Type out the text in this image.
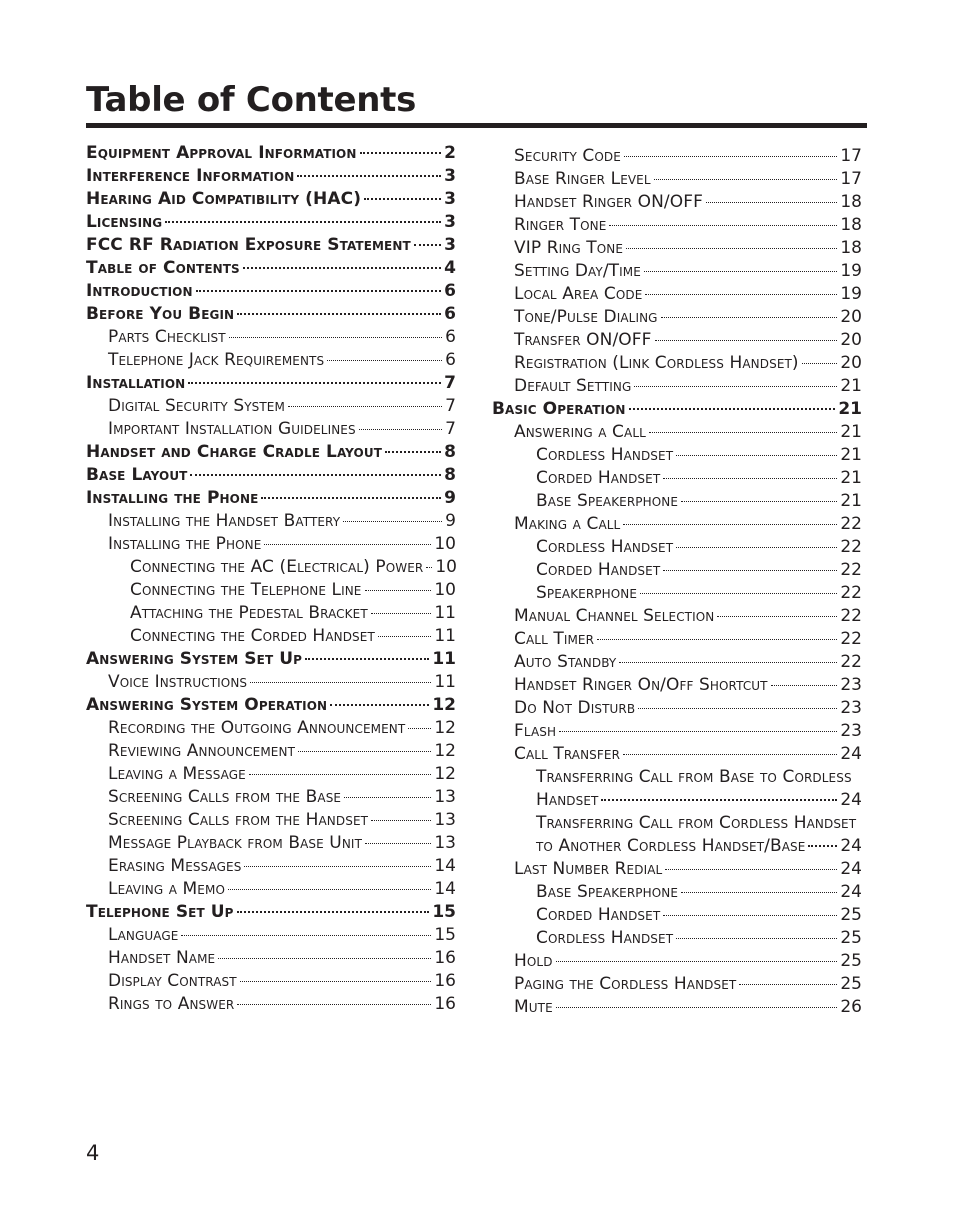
Table of Contents
Equipment Approval Information	2
Interference Information	3
Hearing Aid Compatibility (HAC)	3
Licensing	3
FCC RF Radiation Exposure Statement 3
Table of Contents	4
Introduction	6
Before You Begin	6
Parts Checklist	6
Telephone Jack Requirements	6
Installation	7
Digital Security System	7
Important Installation Guidelines	7
Handset and Charge Cradle Layout	8
Base Layout	8
Installing the Phone	9
Installing the Handset Battery	9
Installing the Phone	10
Connecting the AC (Electrical) Power 10
Connecting the Telephone Line	10
Attaching the Pedestal Bracket	11
Connecting the Corded Handset	11
Answering System Set Up	11
Voice Instructions	11
Answering System Operation	12
Recording the Outgoing Announcement 12
Reviewing Announcement	12
Leaving a Message	12
Screening Calls from the Base	13
Screening Calls from the Handset	13
Message Playback from Base Unit	13
Erasing Messages	14
Leaving a Memo	14
Telephone Set Up	15
Language	15
Handset Name	16
Display Contrast	16
Rings to Answer	16
Security Code	17
Base Ringer Level	17
Handset Ringer ON/OFF	18
Ringer Tone	18
VIP Ring Tone	18
Setting Day/Time	19
Local Area Code	19
Tone/Pulse Dialing	20
Transfer ON/OFF	20
Registration (Link Cordless Handset) 20
Default Setting	21
Basic Operation	21
Answering a Call	21
Cordless Handset	21
Corded Handset	21
Base Speakerphone	21
Making a Call	22
Cordless Handset	22
Corded Handset	22
Speakerphone	22
Manual Channel Selection	22
Call Timer	22
Auto Standby	22
Handset Ringer On/Off Shortcut	23
Do Not Disturb	23
Flash	23
Call Transfer	24
Transferring Call from Base to Cordless
Handset	24
Transferring Call from Cordless Handset
to Another Cordless Handset/Base 24
Last Number Redial	24
Base Speakerphone	24
Corded Handset	25
Cordless Handset	25
Hold	25
Paging the Cordless Handset	25
Mute	26

4
